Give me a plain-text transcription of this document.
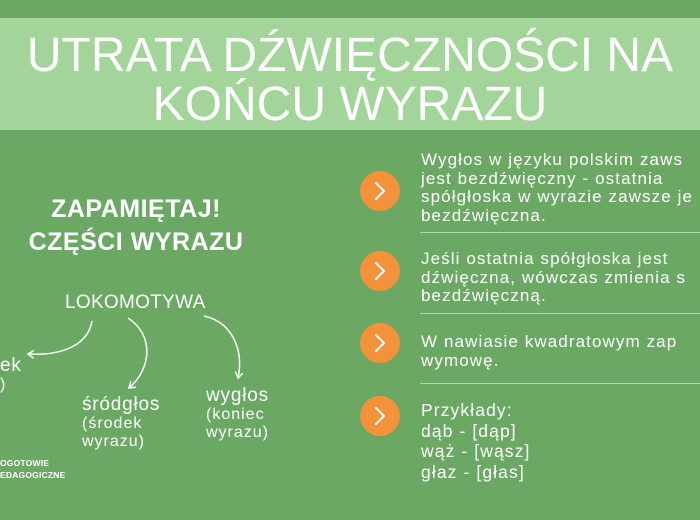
UTRATA DŹWIĘCZNOŚCI NA
KOŃCU WYRAZU
ZAPAMIĘTAJ!
CZĘŚCI WYRAZU
LOKOMOTYWA
ek
)
śródgłos
(środek
wyrazu)
wygłos
(koniec
wyrazu)
Wygłos w języku polskim zaws
jest bezdźwięczny - ostatnia
spółgłoska w wyrazie zawsze je
bezdźwięczna.
Jeśli ostatnia spółgłoska jest
dźwięczna, wówczas zmienia s
bezdźwięczną.
W nawiasie kwadratowym zap
wymowę.
Przykłady:
dąb - [dąp]
wąż - [wąsz]
głaz - [głas]
OGOTOWIE
EDAGOGICZNE
